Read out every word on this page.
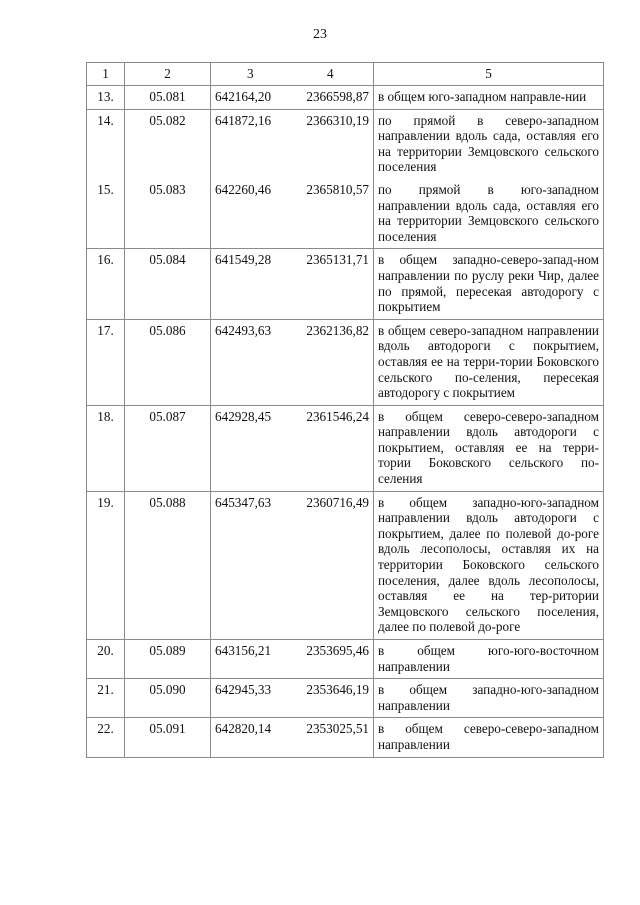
23
1	2	3 4	5
13.	05.081	642164,20 2366598,87	в общем юго-западном направле-нии
14.	05.082	641872,16 2366310,19	по прямой в северо-западном направлении вдоль сада, оставляя его на территории Земцовского сельского поселения
15.	05.083	642260,46 2365810,57	по прямой в юго-западном направлении вдоль сада, оставляя его на территории Земцовского сельского поселения
16.	05.084	641549,28 2365131,71	в общем западно-северо-запад-ном направлении по руслу реки Чир, далее по прямой, пересекая автодорогу с покрытием
17.	05.086	642493,63 2362136,82	в общем северо-западном направлении вдоль автодороги с покрытием, оставляя ее на терри-тории Боковского сельского по-селения, пересекая автодорогу с покрытием
18.	05.087	642928,45 2361546,24	в общем северо-северо-западном направлении вдоль автодороги с покрытием, оставляя ее на терри-тории Боковского сельского по-селения
19.	05.088	645347,63 2360716,49	в общем западно-юго-западном направлении вдоль автодороги с покрытием, далее по полевой до-роге вдоль лесополосы, оставляя их на территории Боковского сельского поселения, далее вдоль лесополосы, оставляя ее на тер-ритории Земцовского сельского поселения, далее по полевой до-роге
20.	05.089	643156,21 2353695,46	в общем юго-юго-восточном направлении
21.	05.090	642945,33 2353646,19	в общем западно-юго-западном направлении
22.	05.091	642820,14 2353025,51	в общем северо-северо-западном направлении
